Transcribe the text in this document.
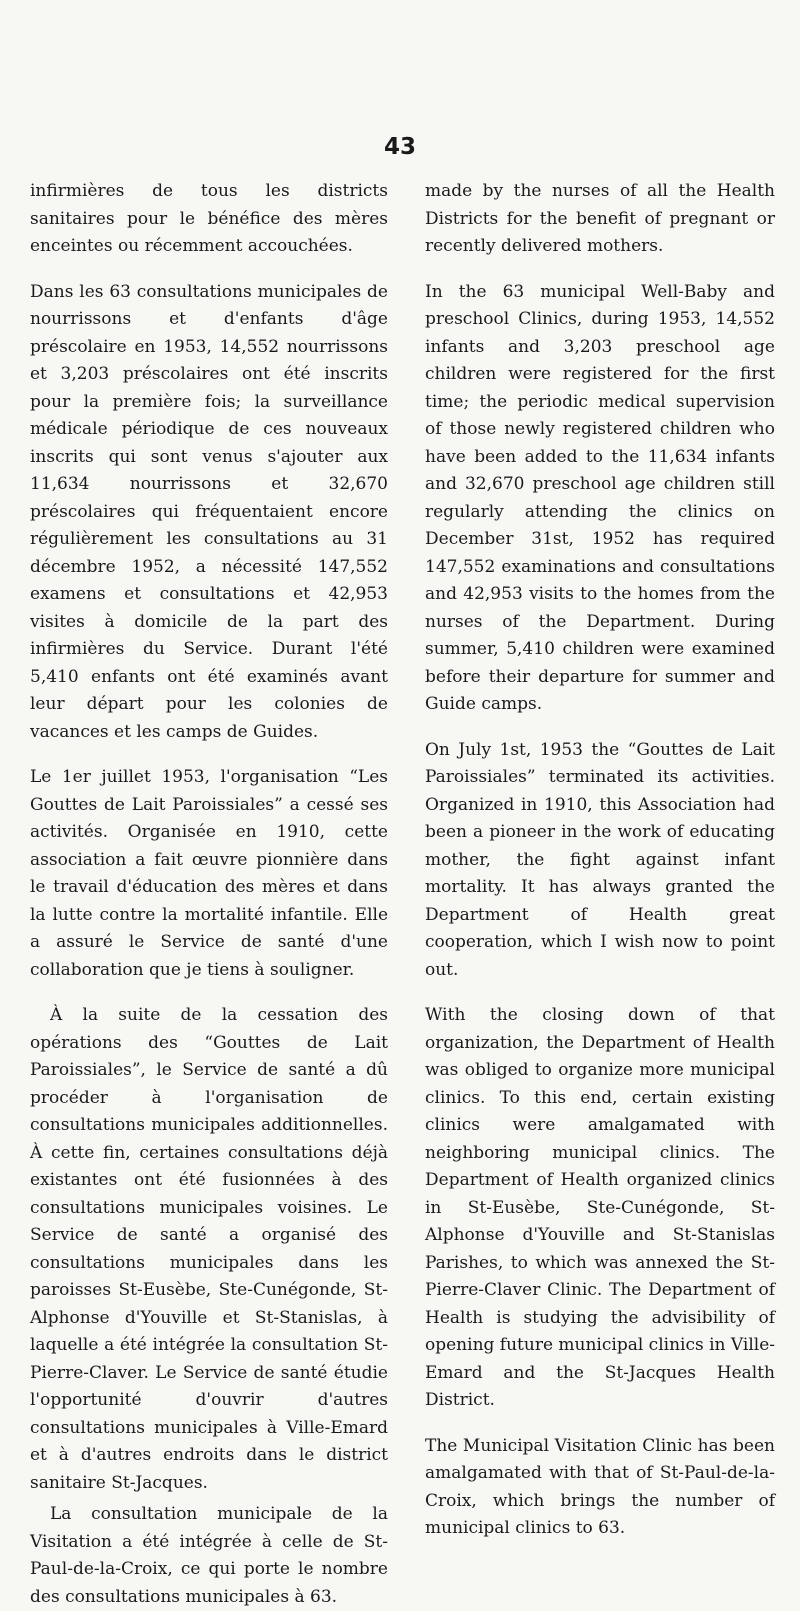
43

infirmières de tous les districts sanitaires pour le bénéfice des mères enceintes ou récemment accouchées.

Dans les 63 consultations municipales de nourrissons et d'enfants d'âge préscolaire en 1953, 14,552 nourrissons et 3,203 préscolaires ont été inscrits pour la première fois; la surveillance médicale périodique de ces nouveaux inscrits qui sont venus s'ajouter aux 11,634 nourrissons et 32,670 préscolaires qui fréquentaient encore régulièrement les consultations au 31 décembre 1952, a nécessité 147,552 examens et consultations et 42,953 visites à domicile de la part des infirmières du Service. Durant l'été 5,410 enfants ont été examinés avant leur départ pour les colonies de vacances et les camps de Guides.

Le 1er juillet 1953, l'organisation “Les Gouttes de Lait Paroissiales” a cessé ses activités. Organisée en 1910, cette association a fait œuvre pionnière dans le travail d'éducation des mères et dans la lutte contre la mortalité infantile. Elle a assuré le Service de santé d'une collaboration que je tiens à souligner.

À la suite de la cessation des opérations des “Gouttes de Lait Paroissiales”, le Service de santé a dû procéder à l'organisation de consultations municipales additionnelles. À cette fin, certaines consultations déjà existantes ont été fusionnées à des consultations municipales voisines. Le Service de santé a organisé des consultations municipales dans les paroisses St-Eusèbe, Ste-Cunégonde, St-Alphonse d'Youville et St-Stanislas, à laquelle a été intégrée la consultation St-Pierre-Claver. Le Service de santé étudie l'opportunité d'ouvrir d'autres consultations municipales à Ville-Emard et à d'autres endroits dans le district sanitaire St-Jacques.

La consultation municipale de la Visitation a été intégrée à celle de St-Paul-de-la-Croix, ce qui porte le nombre des consultations municipales à 63.

made by the nurses of all the Health Districts for the benefit of pregnant or recently delivered mothers.

In the 63 municipal Well-Baby and preschool Clinics, during 1953, 14,552 infants and 3,203 preschool age children were registered for the first time; the periodic medical supervision of those newly registered children who have been added to the 11,634 infants and 32,670 preschool age children still regularly attending the clinics on December 31st, 1952 has required 147,552 examinations and consultations and 42,953 visits to the homes from the nurses of the Department. During summer, 5,410 children were examined before their departure for summer and Guide camps.

On July 1st, 1953 the “Gouttes de Lait Paroissiales” terminated its activities. Organized in 1910, this Association had been a pioneer in the work of educating mother, the fight against infant mortality. It has always granted the Department of Health great cooperation, which I wish now to point out.

With the closing down of that organization, the Department of Health was obliged to organize more municipal clinics. To this end, certain existing clinics were amalgamated with neighboring municipal clinics. The Department of Health organized clinics in St-Eusèbe, Ste-Cunégonde, St-Alphonse d'Youville and St-Stanislas Parishes, to which was annexed the St-Pierre-Claver Clinic. The Department of Health is studying the advisibility of opening future municipal clinics in Ville-Emard and the St-Jacques Health District.

The Municipal Visitation Clinic has been amalgamated with that of St-Paul-de-la-Croix, which brings the number of municipal clinics to 63.
